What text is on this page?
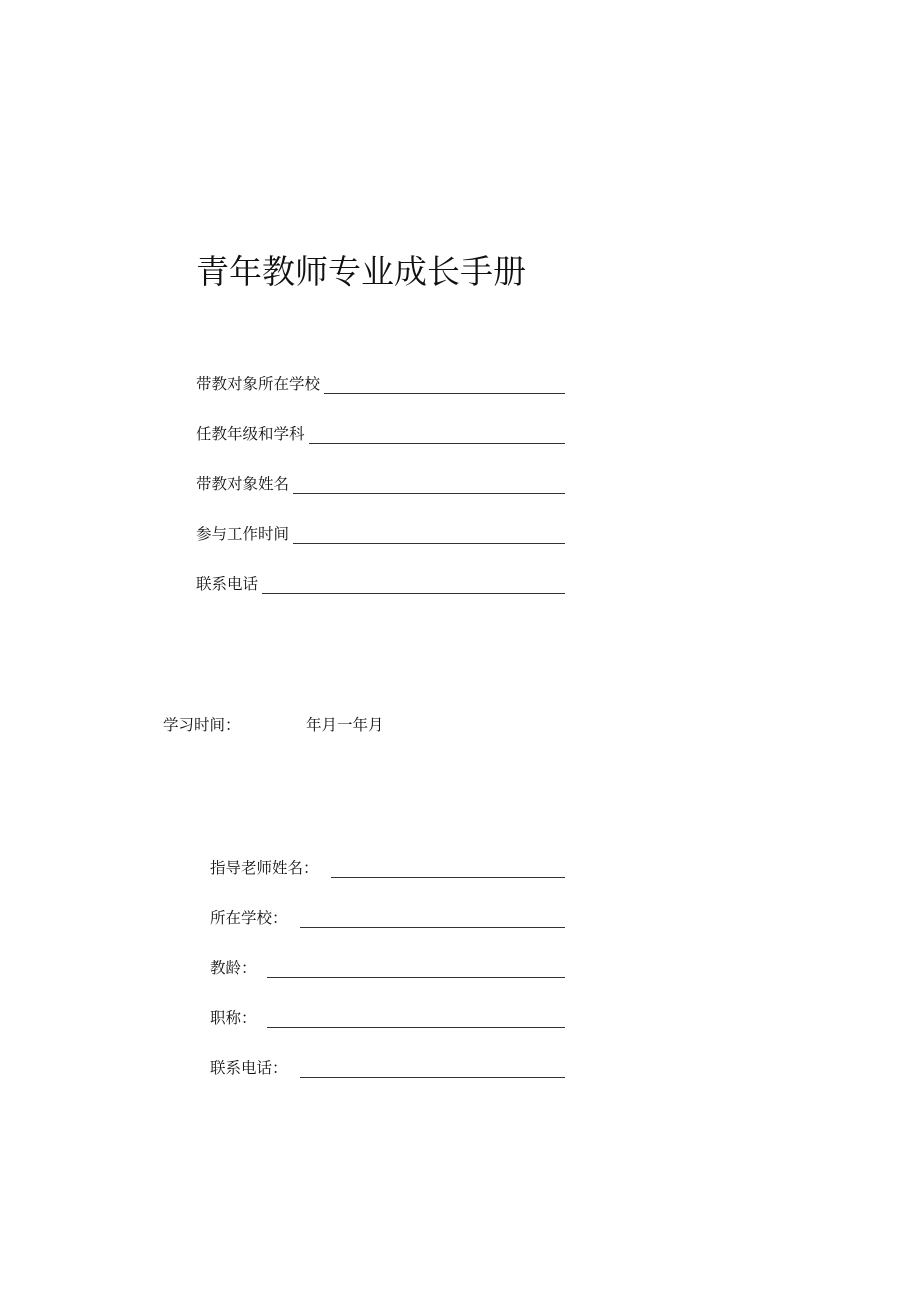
青年教师专业成长手册
带教对象所在学校
任教年级和学科
带教对象姓名
参与工作时间
联系电话
学习时间：	年月一年月
指导老师姓名：
所在学校：
教龄：
职称：
联系电话：
